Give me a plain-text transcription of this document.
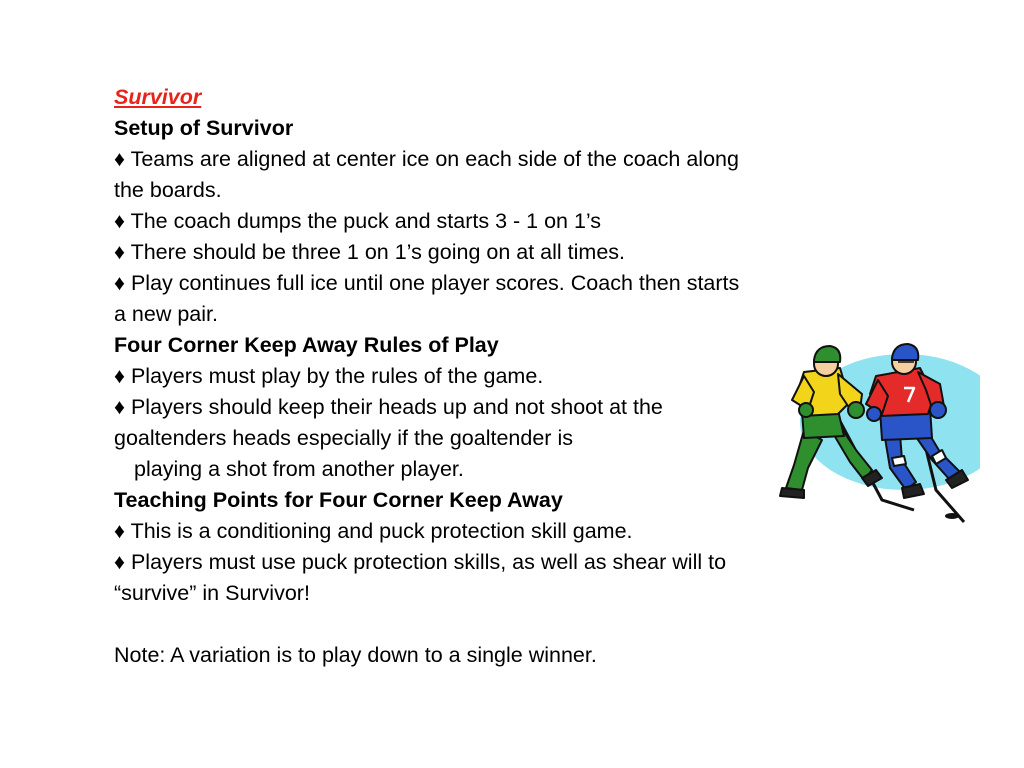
Survivor
Setup of Survivor
♦ Teams are aligned at center ice on each side of the coach along
the boards.
♦ The coach dumps the puck and starts 3 - 1 on 1’s
♦ There should be three 1 on 1’s going on at all times.
♦ Play continues full ice until one player scores. Coach then starts
a new pair.
Four Corner Keep Away Rules of Play
♦ Players must play by the rules of the game.
♦ Players should keep their heads up and not shoot at the
goaltenders heads especially if the goaltender is
playing a shot from another player.
Teaching Points for Four Corner Keep Away
♦ This is a conditioning and puck protection skill game.
♦ Players must use puck protection skills, as well as shear will to
“survive” in Survivor!
Note: A variation is to play down to a single winner.
